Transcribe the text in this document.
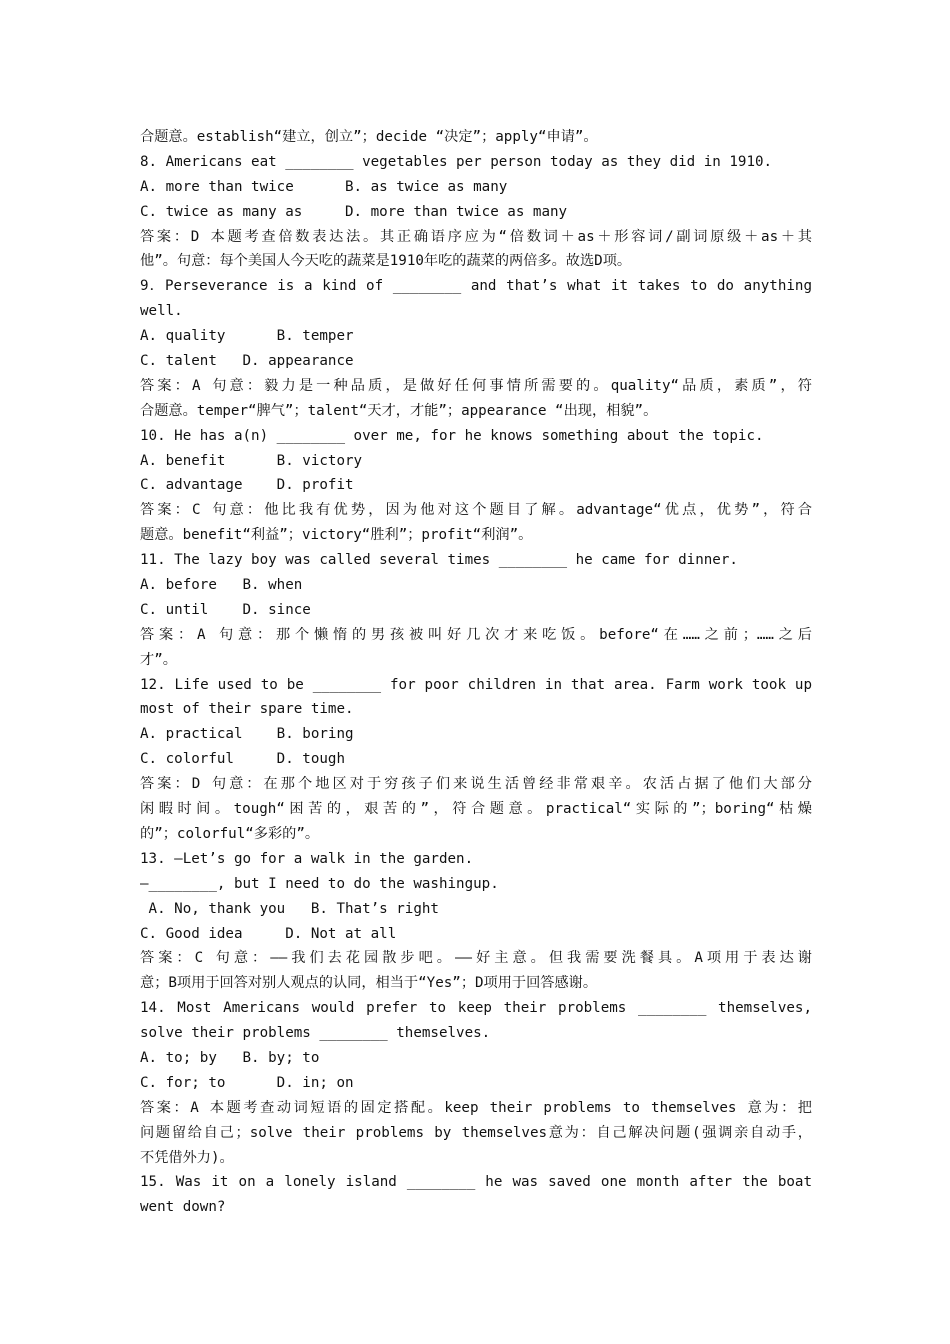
合题意。establish“建立，创立”；decide “决定”；apply“申请”。
8. Americans eat ________ vegetables per person today as they did in 1910.
A. more than twice      B. as twice as many
C. twice as many as     D. more than twice as many
答案：D 本题考查倍数表达法。其正确语序应为“倍数词＋as＋形容词/副词原级＋as＋其
他”。句意：每个美国人今天吃的蔬菜是1910年吃的蔬菜的两倍多。故选D项。
9．Perseverance is a kind of ________ and that’s what it takes to do anything
well.
A. quality      B. temper
C. talent   D. appearance
答案：A 句意：毅力是一种品质，是做好任何事情所需要的。quality“品质，素质”，符
合题意。temper“脾气”；talent“天才，才能”；appearance “出现，相貌”。
10. He has a(n) ________ over me, for he knows something about the topic.
A. benefit      B. victory
C. advantage    D. profit
答案：C 句意：他比我有优势，因为他对这个题目了解。advantage“优点，优势”，符合
题意。benefit“利益”；victory“胜利”；profit“利润”。
11. The lazy boy was called several times ________ he came for dinner.
A. before   B. when
C. until    D. since
答案：A 句意：那个懒惰的男孩被叫好几次才来吃饭。before“在……之前；……之后
才”。
12. Life used to be ________ for poor children in that area. Farm work took up
most of their spare time.
A. practical    B. boring
C. colorful     D. tough
答案：D 句意：在那个地区对于穷孩子们来说生活曾经非常艰辛。农活占据了他们大部分
闲暇时间。tough“困苦的，艰苦的”，符合题意。practical“实际的”；boring“枯燥
的”；colorful“多彩的”。
13. —Let’s go for a walk in the garden.
—________, but I need to do the washingup.
A. No, thank you   B. That’s right
C. Good idea     D. Not at all
答案：C 句意：——我们去花园散步吧。——好主意。但我需要洗餐具。A项用于表达谢
意；B项用于回答对别人观点的认同，相当于“Yes”；D项用于回答感谢。
14. Most Americans would prefer to keep their problems ________ themselves,
solve their problems ________ themselves.
A. to; by   B. by; to
C. for; to      D. in; on
答案：A 本题考查动词短语的固定搭配。keep their problems to themselves 意为：把
问题留给自己；solve their problems by themselves意为：自己解决问题(强调亲自动手，
不凭借外力)。
15. Was it on a lonely island ________ he was saved one month after the boat
went down?
